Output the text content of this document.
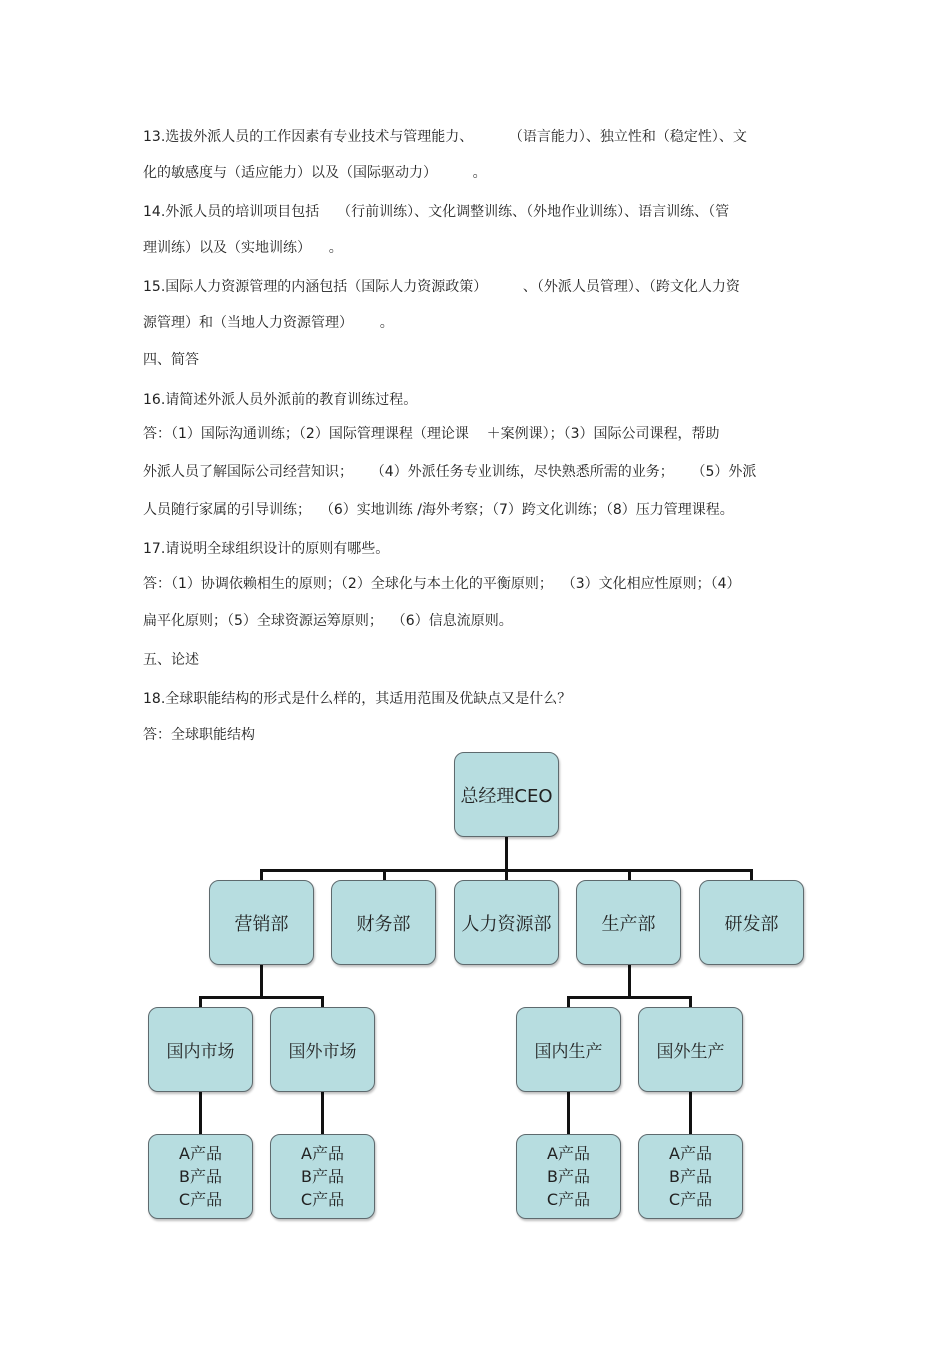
13.选拔外派人员的工作因素有专业技术与管理能力、        （语言能力）、独立性和（稳定性）、文
化的敏感度与（适应能力）以及（国际驱动力）        。
14.外派人员的培训项目包括    （行前训练）、文化调整训练、（外地作业训练）、语言训练、（管
理训练）以及（实地训练）    。
15.国际人力资源管理的内涵包括（国际人力资源政策）        、（外派人员管理）、（跨文化人力资
源管理）和（当地人力资源管理）      。
四、简答
16.请简述外派人员外派前的教育训练过程。
答：（1）国际沟通训练；（2）国际管理课程（理论课    ＋案例课）；（3）国际公司课程，帮助
外派人员了解国际公司经营知识；    （4）外派任务专业训练，尽快熟悉所需的业务；    （5）外派
人员随行家属的引导训练；  （6）实地训练 /海外考察；（7）跨文化训练；（8）压力管理课程。
17.请说明全球组织设计的原则有哪些。
答：（1）协调依赖相生的原则；（2）全球化与本土化的平衡原则；  （3）文化相应性原则；（4）
扁平化原则；（5）全球资源运筹原则；  （6）信息流原则。
五、论述
18.全球职能结构的形式是什么样的，其适用范围及优缺点又是什么？
答：全球职能结构
总经理CEO
营销部	财务部	人力资源部	生产部	研发部
国内市场	国外市场	国内生产	国外生产
A产品
B产品
C产品
A产品
B产品
C产品
A产品
B产品
C产品
A产品
B产品
C产品
